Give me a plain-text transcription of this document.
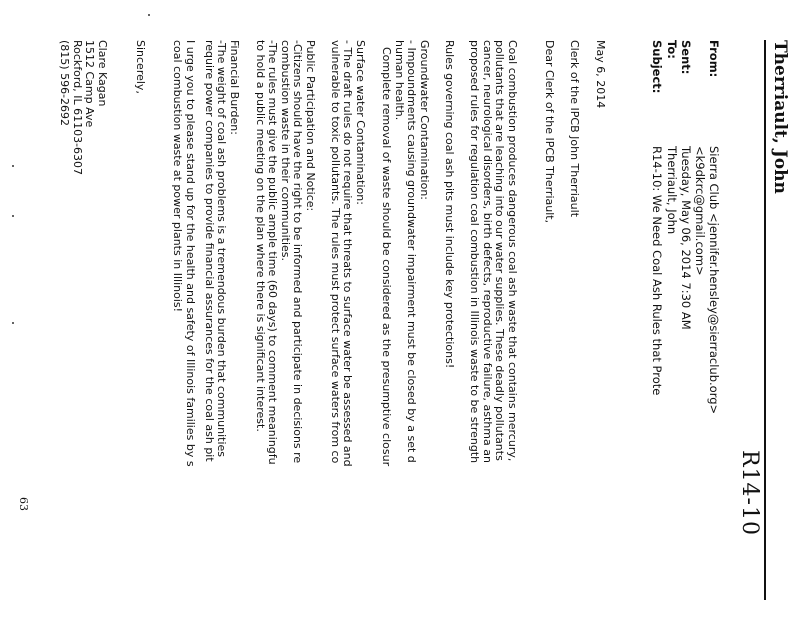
Therriault, John
R14-10
From:
Sierra Club <jennifer.hensley@sierraclub.org>
<k9dkrc@gmail.com>
Sent:
Tuesday, May 06, 2014 7:30 AM
To:
Therriault, John
Subject:
R14-10: We Need Coal Ash Rules that Prote
May 6, 2014
Clerk of the IPCB John Therriault
Dear Clerk of the IPCB Therriault,
Coal combustion produces dangerous coal ash waste that contains mercury,
pollutants that are leaching into our water supplies. These deadly pollutants
cancer, neurological disorders, birth defects, reproductive failure, asthma an
proposed rules for regulation coal combustion in Illinois waste to be strength
Rules governing coal ash pits must include key protections!
Groundwater Contamination:
- Impoundments causing groundwater impairment must be closed by a set d
human health.
Complete removal of waste should be considered as the presumptive closur
Surface water Contamination:
- The draft rules do not require that threats to surface water be assessed and
vulnerable to toxic pollutants. The rules must protect surface waters from co
Public Participation and Notice:
-Citizens should have the right to be informed and participate in decisions re
combustion waste in their communities.
-The rules must give the public ample time (60 days) to comment meaningfu
to hold a public meeting on the plan where there is significant interest.
Financial Burden:
-The weight of coal ash problems is a tremendous burden that communities
require power companies to provide financial assurances for the coal ash pit
I urge you to please stand up for the health and safety of Illinois families by s
coal combustion waste at power plants in Illinois!
Sincerely,
Clare Kagan
1512 Camp Ave
Rockford, IL 61103-6307
(815) 596-2692
63
